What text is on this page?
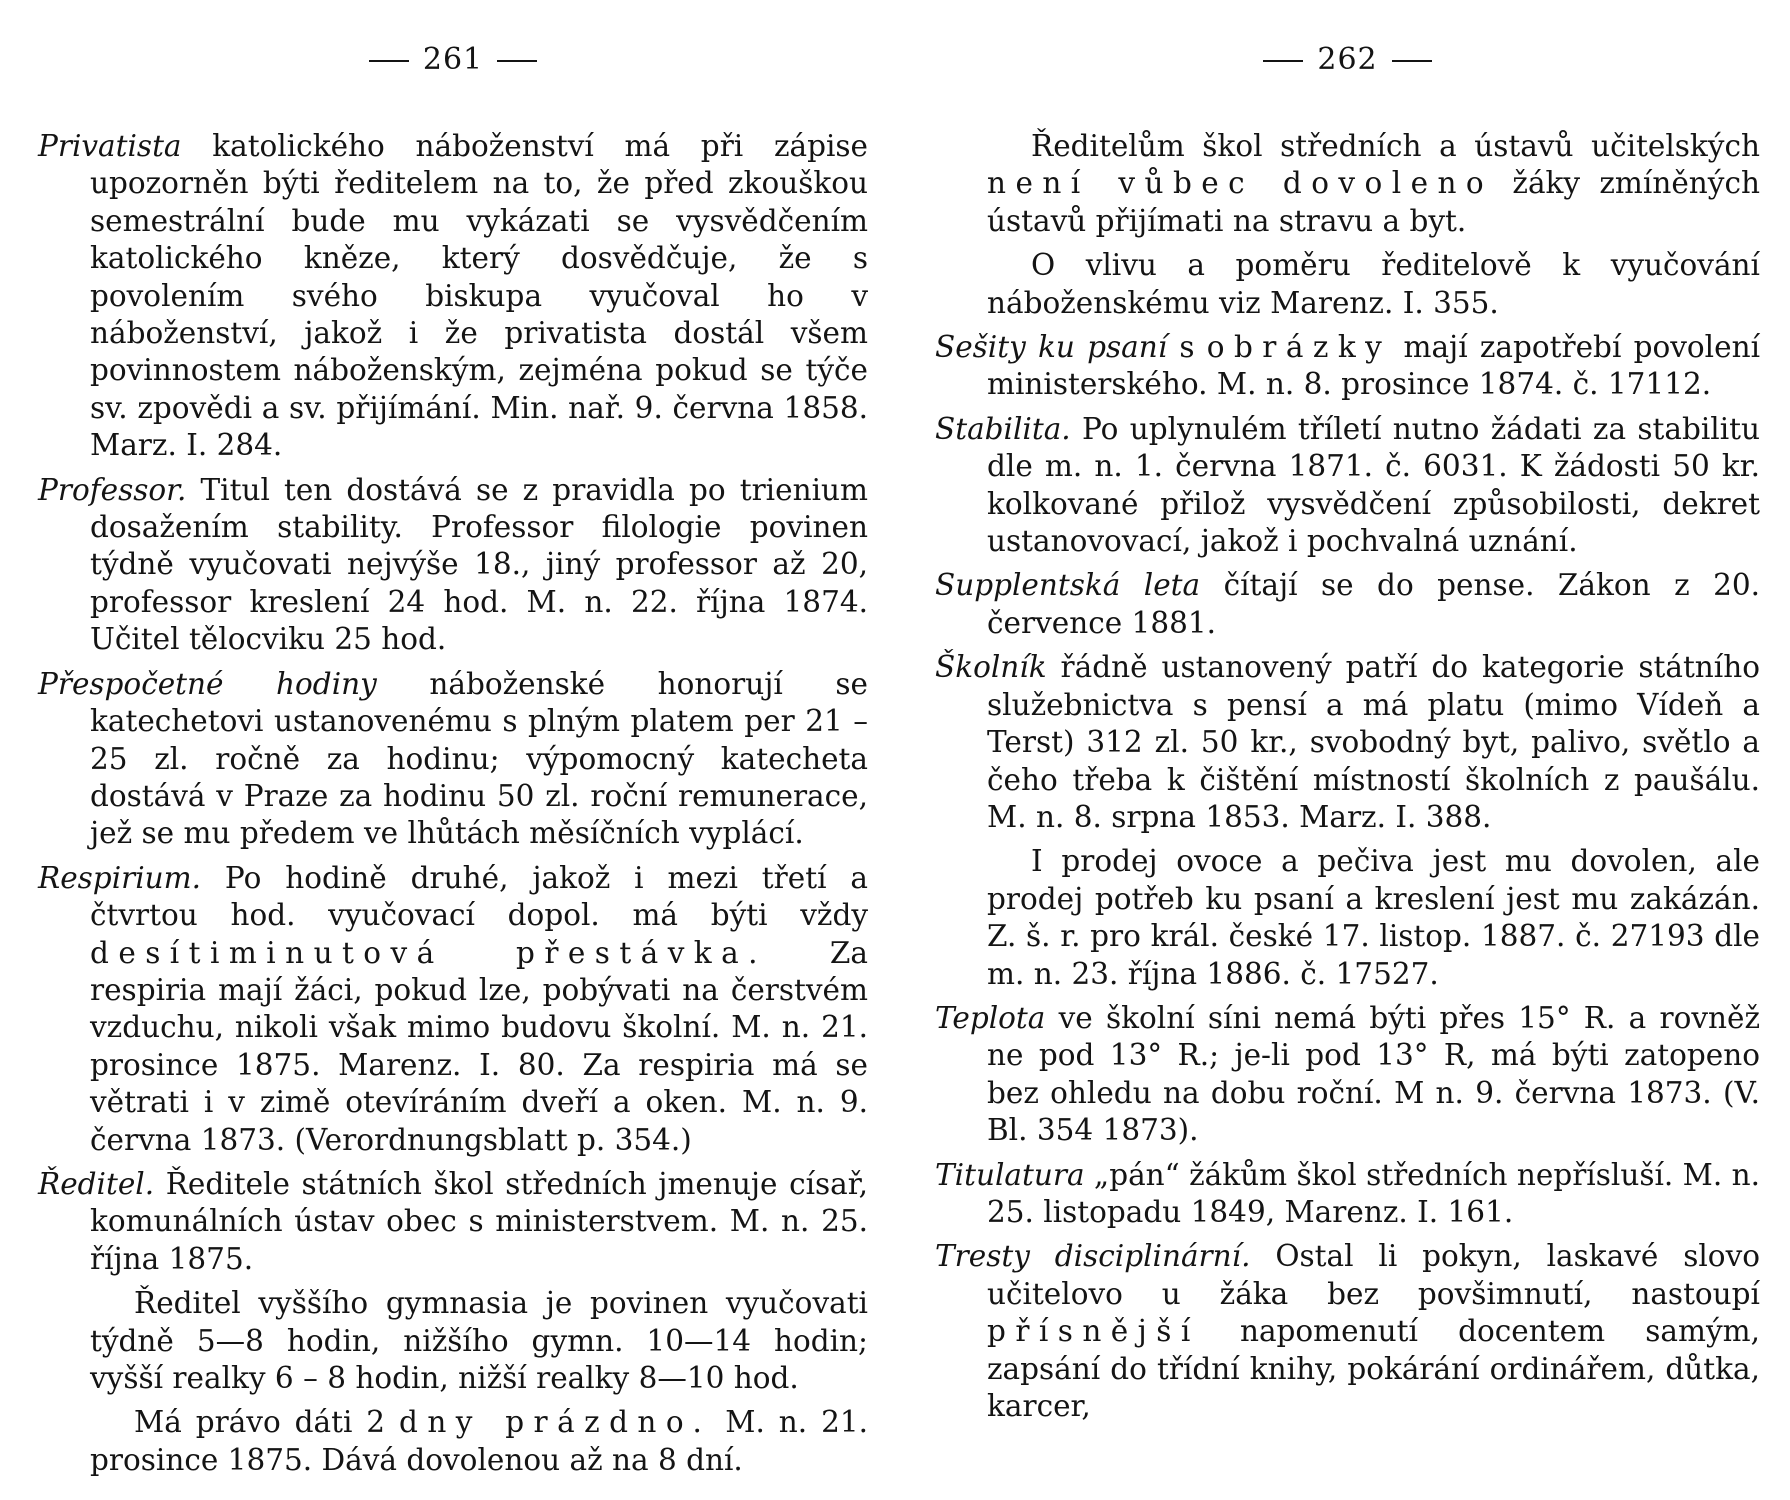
261

Privatista katolického náboženství má při zápise upozorněn býti ředitelem na to, že před zkouškou semestrální bude mu vykázati se vysvědčením katolického kněze, který dosvědčuje, že s povolením svého biskupa vyučoval ho v náboženství, jakož i že privatista dostál všem povinnostem náboženským, zejména pokud se týče sv. zpovědi a sv. přijímání. Min. nař. 9. června 1858. Marz. I. 284.

Professor. Titul ten dostává se z pravidla po trienium dosažením stability. Professor filologie povinen týdně vyučovati nejvýše 18., jiný professor až 20, professor kreslení 24 hod. M. n. 22. října 1874. Učitel tělocviku 25 hod.

Přespočetné hodiny náboženské honorují se katechetovi ustanovenému s plným platem per 21 – 25 zl. ročně za hodinu; výpomocný katecheta dostává v Praze za hodinu 50 zl. roční remunerace, jež se mu předem ve lhůtách měsíčních vyplácí.

Respirium. Po hodině druhé, jakož i mezi třetí a čtvrtou hod. vyučovací dopol. má býti vždy desítiminutová přestávka. Za respiria mají žáci, pokud lze, pobývati na čerstvém vzduchu, nikoli však mimo budovu školní. M. n. 21. prosince 1875. Marenz. I. 80. Za respiria má se větrati i v zimě otevíráním dveří a oken. M. n. 9. června 1873. (Verordnungsblatt p. 354.)

Ředitel. Ředitele státních škol středních jmenuje císař, komunálních ústav obec s ministerstvem. M. n. 25. října 1875.

Ředitel vyššího gymnasia je povinen vyučovati týdně 5—8 hodin, nižšího gymn. 10—14 hodin; vyšší realky 6 – 8 hodin, nižší realky 8—10 hod.

Má právo dáti 2 dny prázdno. M. n. 21. prosince 1875. Dává dovolenou až na 8 dní.

262

Ředitelům škol středních a ústavů učitelských není vůbec dovoleno žáky zmíněných ústavů přijímati na stravu a byt.

O vlivu a poměru ředitelově k vyučování náboženskému viz Marenz. I. 355.

Sešity ku psaní s obrázky mají zapotřebí povolení ministerského. M. n. 8. prosince 1874. č. 17112.

Stabilita. Po uplynulém tříletí nutno žádati za stabilitu dle m. n. 1. června 1871. č. 6031. K žádosti 50 kr. kolkované přilož vysvědčení způsobilosti, dekret ustanovovací, jakož i pochvalná uznání.

Supplentská leta čítají se do pense. Zákon z 20. července 1881.

Školník řádně ustanovený patří do kategorie státního služebnictva s pensí a má platu (mimo Vídeň a Terst) 312 zl. 50 kr., svobodný byt, palivo, světlo a čeho třeba k čištění místností školních z paušálu. M. n. 8. srpna 1853. Marz. I. 388.

I prodej ovoce a pečiva jest mu dovolen, ale prodej potřeb ku psaní a kreslení jest mu zakázán. Z. š. r. pro král. české 17. listop. 1887. č. 27193 dle m. n. 23. října 1886. č. 17527.

Teplota ve školní síni nemá býti přes 15° R. a rovněž ne pod 13° R.; je-li pod 13° R, má býti zatopeno bez ohledu na dobu roční. M n. 9. června 1873. (V. Bl. 354 1873).

Titulatura „pán“ žákům škol středních nepřísluší. M. n. 25. listopadu 1849, Marenz. I. 161.

Tresty disciplinární. Ostal li pokyn, laskavé slovo učitelovo u žáka bez povšimnutí, nastoupí přísnější napomenutí docentem samým, zapsání do třídní knihy, pokárání ordinářem, důtka, karcer,
